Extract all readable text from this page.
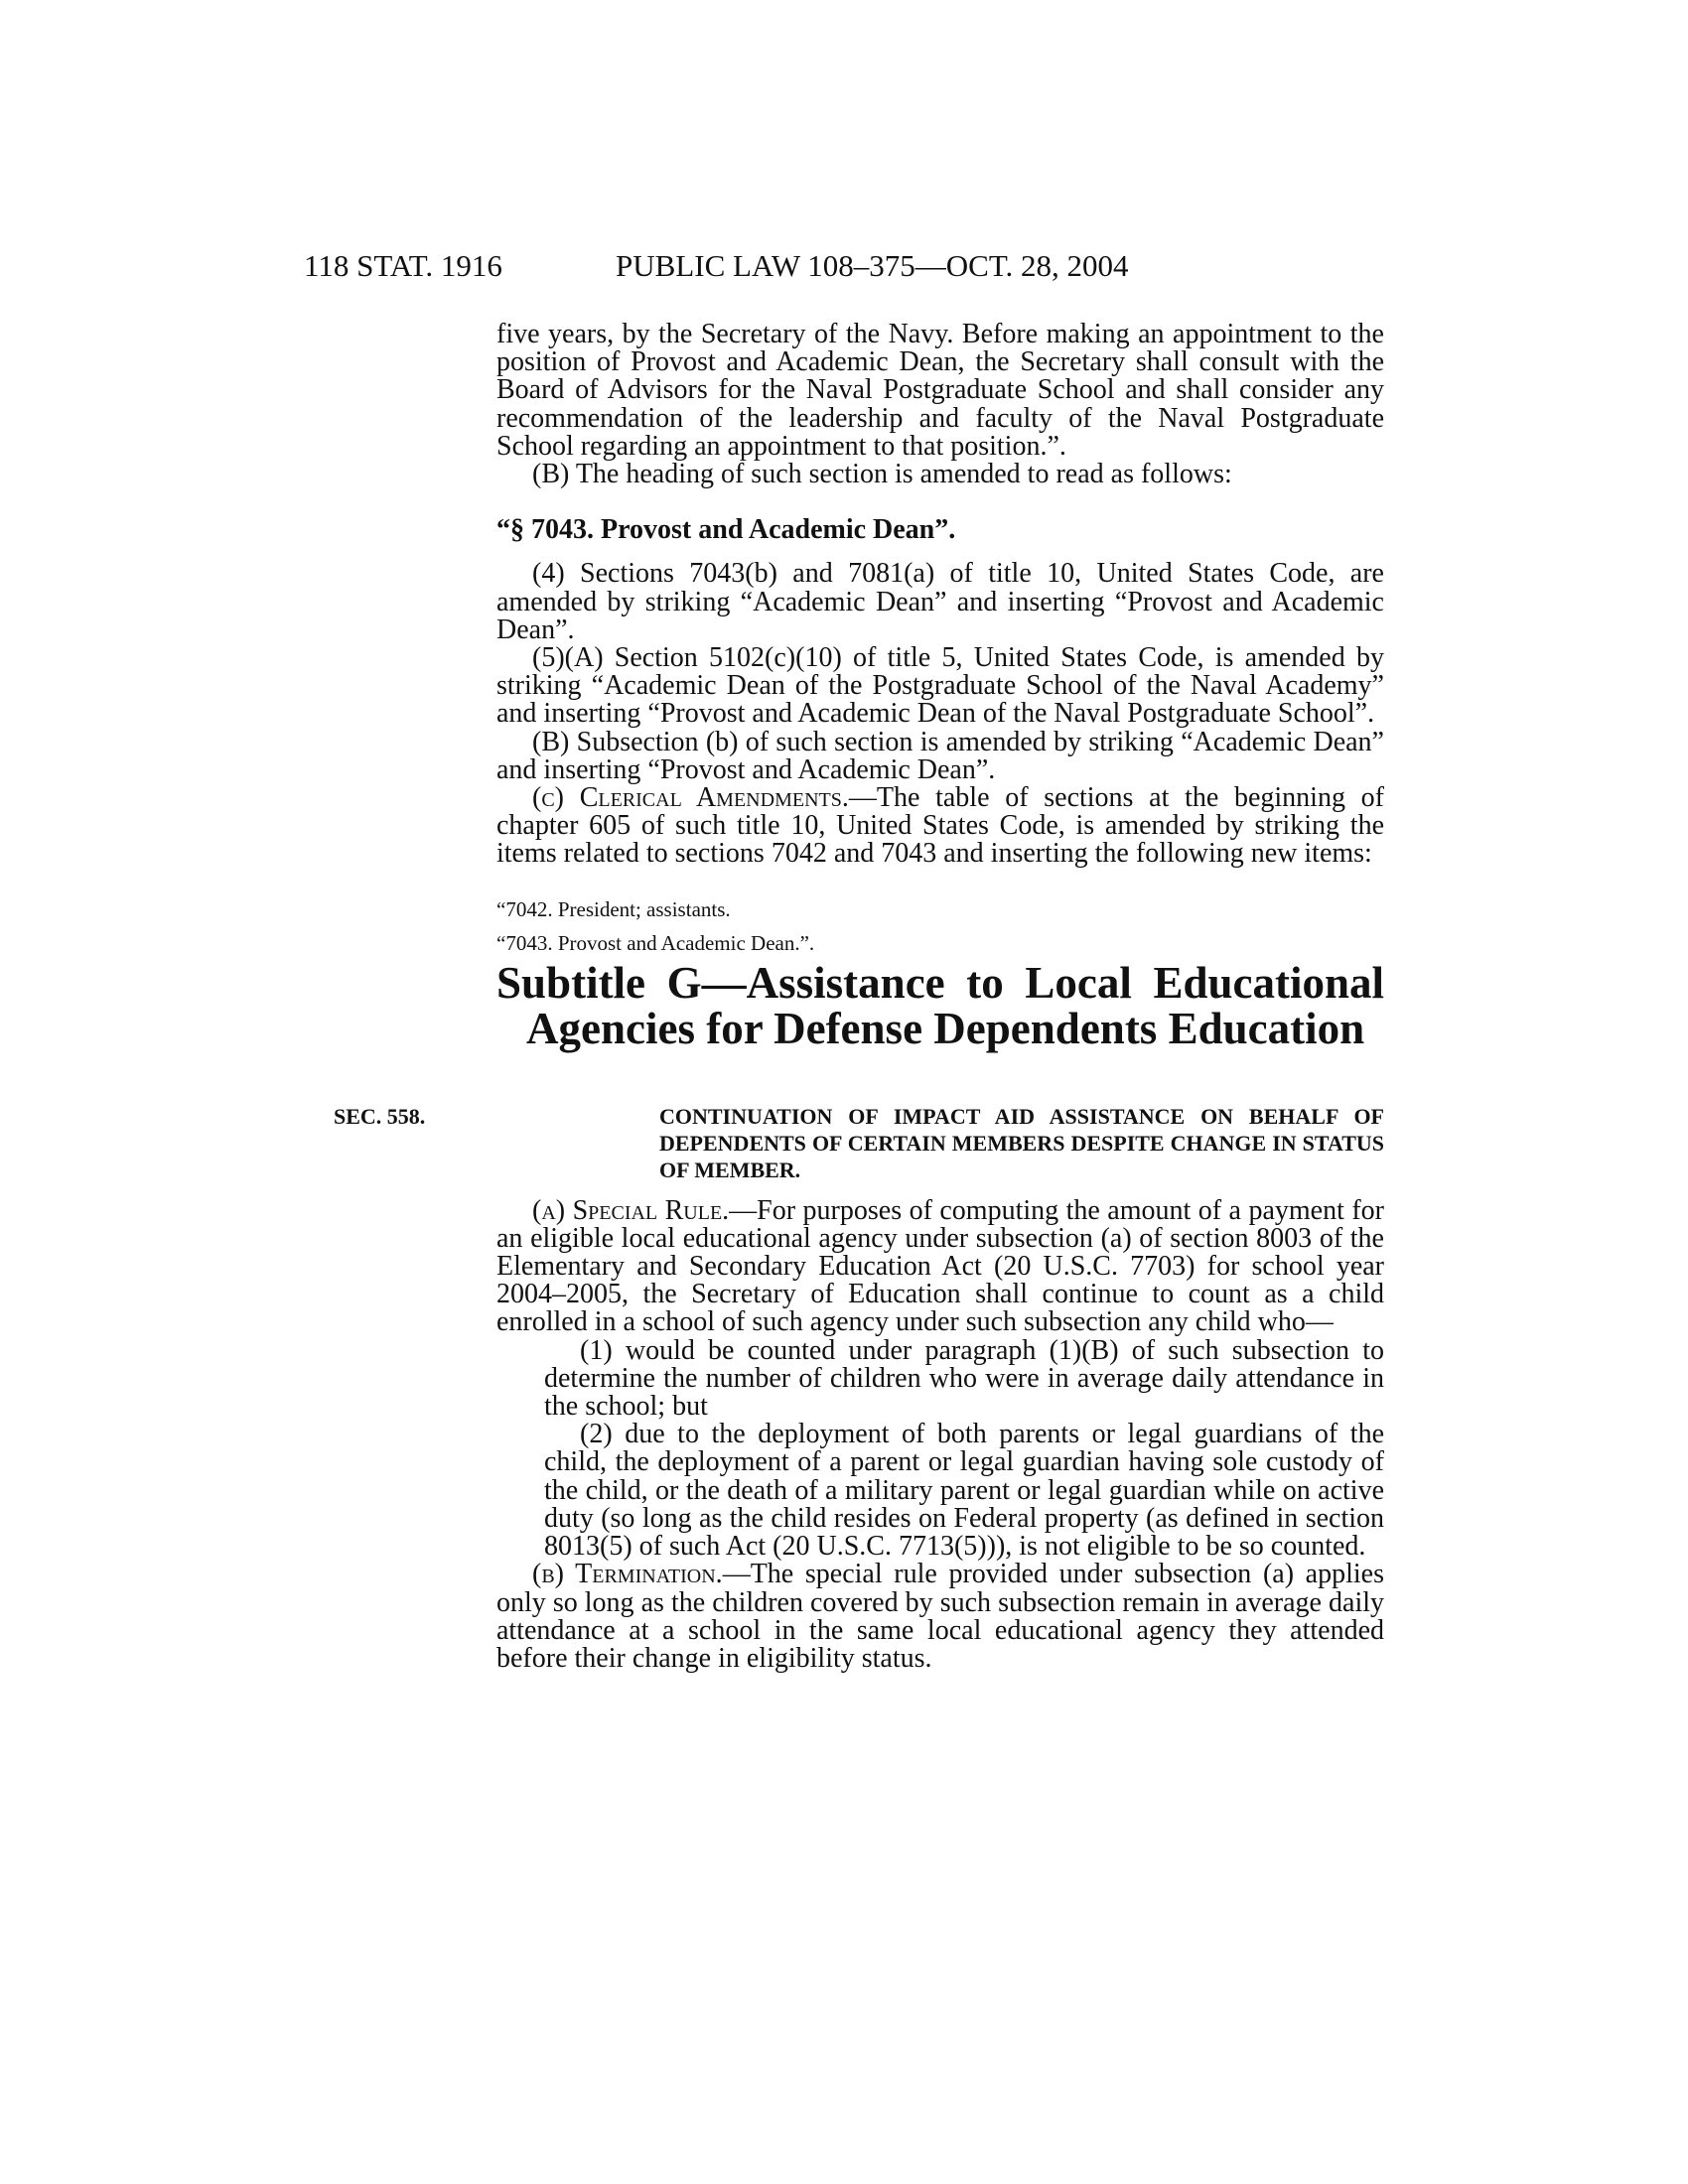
118 STAT. 1916	PUBLIC LAW 108–375—OCT. 28, 2004

five years, by the Secretary of the Navy. Before making an appointment to the position of Provost and Academic Dean, the Secretary shall consult with the Board of Advisors for the Naval Postgraduate School and shall consider any recommendation of the leadership and faculty of the Naval Postgraduate School regarding an appointment to that position.”.

(B) The heading of such section is amended to read as follows:

“§ 7043. Provost and Academic Dean”.

(4) Sections 7043(b) and 7081(a) of title 10, United States Code, are amended by striking “Academic Dean” and inserting “Provost and Academic Dean”.

(5)(A) Section 5102(c)(10) of title 5, United States Code, is amended by striking “Academic Dean of the Postgraduate School of the Naval Academy” and inserting “Provost and Academic Dean of the Naval Postgraduate School”.

(B) Subsection (b) of such section is amended by striking “Academic Dean” and inserting “Provost and Academic Dean”.

(c) Clerical Amendments.—The table of sections at the beginning of chapter 605 of such title 10, United States Code, is amended by striking the items related to sections 7042 and 7043 and inserting the following new items:

“7042. President; assistants.
“7043. Provost and Academic Dean.”.

Subtitle G—Assistance to Local Educational Agencies for Defense Dependents Education

SEC. 558.	CONTINUATION OF IMPACT AID ASSISTANCE ON BEHALF OF DEPENDENTS OF CERTAIN MEMBERS DESPITE CHANGE IN STATUS OF MEMBER.

(a) Special Rule.—For purposes of computing the amount of a payment for an eligible local educational agency under subsection (a) of section 8003 of the Elementary and Secondary Education Act (20 U.S.C. 7703) for school year 2004–2005, the Secretary of Education shall continue to count as a child enrolled in a school of such agency under such subsection any child who—

(1) would be counted under paragraph (1)(B) of such subsection to determine the number of children who were in average daily attendance in the school; but

(2) due to the deployment of both parents or legal guardians of the child, the deployment of a parent or legal guardian having sole custody of the child, or the death of a military parent or legal guardian while on active duty (so long as the child resides on Federal property (as defined in section 8013(5) of such Act (20 U.S.C. 7713(5))), is not eligible to be so counted.

(b) Termination.—The special rule provided under subsection (a) applies only so long as the children covered by such subsection remain in average daily attendance at a school in the same local educational agency they attended before their change in eligibility status.
